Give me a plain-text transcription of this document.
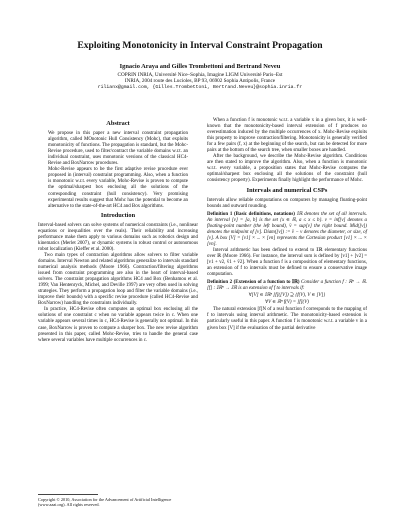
Exploiting Monotonicity in Interval Constraint Propagation
Ignacio Araya and Gilles Trombettoni and Bertrand Neveu
COPRIN INRIA, Université Nice–Sophia, Imagine LIGM Université Paris–Est
INRIA, 2004 route des Lucioles, BP 93, 06902 Sophia Antipolis, France
rilianx@gmail.com, {Gilles.Trombettoni, Bertrand.Neveu}@sophia.inria.fr
Abstract

We propose in this paper a new interval constraint propagation algorithm, called MOnotonic Hull Consistency (Mohc), that exploits monotonicity of functions. The propagation is standard, but the Mohc-Revise procedure, used to filter/contract the variable domains w.r.t. an individual constraint, uses monotonic versions of the classical HC4-Revise and BoxNarrow procedures.

Mohc-Revise appears to be the first adaptive revise procedure ever proposed in (interval) constraint programming. Also, when a function is monotonic w.r.t. every variable, Mohc-Revise is proven to compute the optimal/sharpest box enclosing all the solutions of the corresponding constraint (hull consistency). Very promising experimental results suggest that Mohc has the potential to become an alternative to the state-of-the-art HC4 and Box algorithms.

Introduction

Interval-based solvers can solve systems of numerical constraints (i.e., nonlinear equations or inequalities over the reals). Their reliability and increasing performance make them apply to various domains such as robotics design and kinematics (Merlet 2007), or dynamic systems in robust control or autonomous robot localization (Kieffer et al. 2000).

Two main types of contraction algorithms allow solvers to filter variable domains. Interval Newton and related algorithms generalize to intervals standard numerical analysis methods (Moore 1966). Contraction/filtering algorithms issued from constraint programming are also in the heart of interval-based solvers. The constraint propagation algorithms HC4 and Box (Benhamou et al. 1999; Van Hentenryck, Michel, and Deville 1997) are very often used in solving strategies. They perform a propagation loop and filter the variable domains (i.e., improve their bounds) with a specific revise procedure (called HC4-Revise and BoxNarrow) handling the constraints individually.

In practice, HC4-Revise often computes an optimal box enclosing all the solutions of one constraint c when no variable appears twice in c. When one variable appears several times in c, HC4-Revise is generally not optimal. In this case, BoxNarrow is proven to compute a sharper box. The new revise algorithm presented in this paper, called Mohc-Revise, tries to handle the general case where several variables have multiple occurrences in c.

Copyright © 2010, Association for the Advancement of Artificial Intelligence (www.aaai.org). All rights reserved.

When a function f is monotonic w.r.t. a variable x in a given box, it is well-known that the monotonicity-based interval extension of f produces no overestimation induced by the multiple occurrences of x. Mohc-Revise exploits this property to improve contraction/filtering. Monotonicity is generally verified for a few pairs (f, x) at the beginning of the search, but can be detected for more pairs at the bottom of the search tree, when smaller boxes are handled.

After the background, we describe the Mohc-Revise algorithm. Conditions are then stated to improve the algorithm. Also, when a function is monotonic w.r.t. every variable, a proposition states that Mohc-Revise computes the optimal/sharpest box enclosing all the solutions of the constraint (hull consistency property). Experiments finally highlight the performance of Mohc.

Intervals and numerical CSPs

Intervals allow reliable computations on computers by managing floating-point bounds and outward rounding.

Definition 1 (Basic definitions, notations) 𝕀ℝ denotes the set of all intervals. An interval [v] = [a, b] is the set {x ∈ ℝ, a ≤ x ≤ b}. v = inf[v] denotes a floating-point number (the left bound), v̄ = sup[v] the right bound. Mid([v]) denotes the midpoint of [v]. Diam([v]) := v̄ − v denotes the diameter, or size, of [v]. A box [V] = [v1] × ... × [vn] represents the Cartesian product [v1] × ... × [vn].

Interval arithmetic has been defined to extend to 𝕀ℝ elementary functions over ℝ (Moore 1966). For instance, the interval sum is defined by [v1] + [v2] = [v1 + v2, v̄1 + v̄2]. When a function f is a composition of elementary functions, an extension of f to intervals must be defined to ensure a conservative image computation.

Definition 2 (Extension of a function to 𝕀ℝ) Consider a function f : ℝⁿ → ℝ. [f] : 𝕀ℝⁿ → 𝕀ℝ is an extension of f to intervals if:
∀[V] ∈ 𝕀ℝⁿ [f]([V]) ⊇ {f(V), V ∈ [V]}
∀V ∈ ℝⁿ f(V) = [f](V)

The natural extension [f]N of a real function f corresponds to the mapping of f to intervals using interval arithmetic. The monotonicity-based extension is particularly useful in this paper. A function f is monotonic w.r.t. a variable v in a given box [V] if the evaluation of the partial derivative
